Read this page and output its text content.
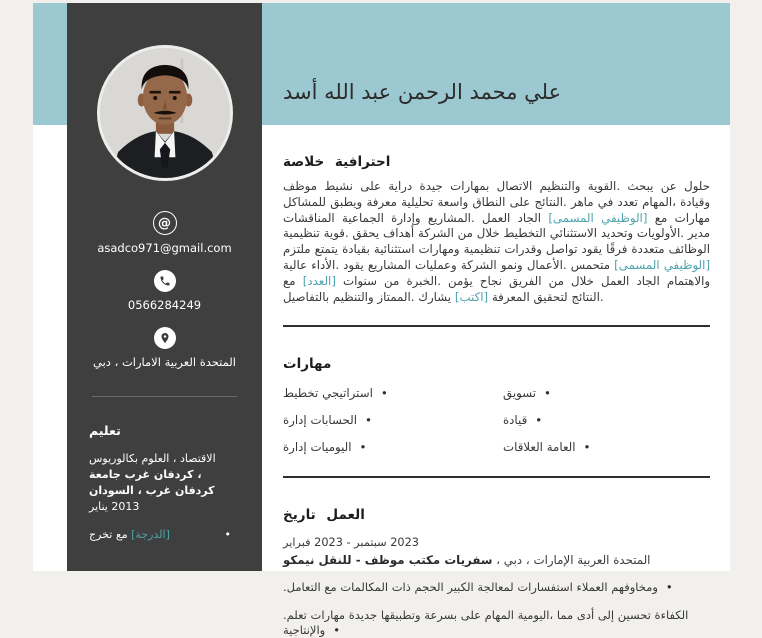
@
asadco971@gmail.com
0566284249
دبي ، الامارات العربية المتحدة
تعليم
بكالوريوس العلوم ، الاقتصاد
جامعة غرب كردفان ، السودان ، غرب كردفان
يناير 2013
تخرج مع [الدرجة] •
أسد الله عبد الرحمن محمد علي
خلاصة احترافية

موظف نشيط على دراية جيدة بمهارات الاتصال والتنظيم القوية. يبحث عن حلول للمشاكل ويطبق معرفة تحليلية واسعة النطاق على النتائج. ماهر في تعدد المهام، وقيادة المناقشات الجماعية وإدارة المشاريع. العمل الجاد [المسمى الوظيفي] مع مهارات تنظيمية قوية. يحقق أهداف الشركة من خلال التخطيط الاستثنائي وتحديد الأولويات. مدير ملتزم يتمتع بقيادة استثنائية ومهارات تنظيمية وقدرات تواصل يقود فرقًا متعددة الوظائف عالية الأداء. يقود المشاريع وعمليات الشركة ونمو الأعمال. متحمس [المسمى الوظيفي] مع [العدد] سنوات من الخبرة. يؤمن نجاح الفريق من خلال العمل الجاد والاهتمام بالتفاصيل والتنظيم الممتاز. يشارك [اكتب] المعرفة لتحقيق النتائج.

مهارات
تخطيط استراتيجي •	تسويق •
إدارة الحسابات •	قيادة •
إدارة اليوميات •	العلاقات العامة •
تاريخ العمل
فبراير 2023 - سبتمبر 2023
نيمكو للنقل - موظف مكتب سفريات ، دبي ، الإمارات العربية المتحدة
.التعامل مع المكالمات ذات الحجم الكبير لمعالجة استفسارات العملاء ومخاوفهم •
.تعلم مهارات جديدة وتطبيقها بسرعة على المهام اليومية، مما أدى إلى تحسين الكفاءة والإنتاجية •
